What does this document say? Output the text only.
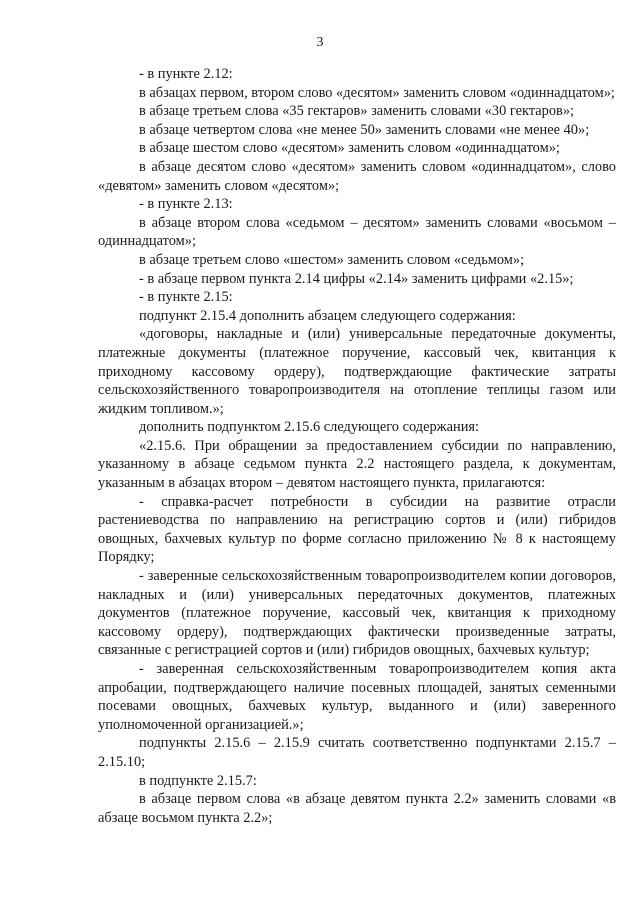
3

- в пункте 2.12:

в абзацах первом, втором слово «десятом» заменить словом «одиннадцатом»;

в абзаце третьем слова «35 гектаров» заменить словами «30 гектаров»;

в абзаце четвертом слова «не менее 50» заменить словами «не менее 40»;

в абзаце шестом слово «десятом» заменить словом «одиннадцатом»;

в абзаце десятом слово «десятом» заменить словом «одиннадцатом», слово «девятом» заменить словом «десятом»;

- в пункте 2.13:

в абзаце втором слова «седьмом – десятом» заменить словами «восьмом – одиннадцатом»;

в абзаце третьем слово «шестом» заменить словом «седьмом»;

- в абзаце первом пункта 2.14 цифры «2.14» заменить цифрами «2.15»;

- в пункте 2.15:

подпункт 2.15.4 дополнить абзацем следующего содержания:

«договоры, накладные и (или) универсальные передаточные документы, платежные документы (платежное поручение, кассовый чек, квитанция к приходному кассовому ордеру), подтверждающие фактические затраты сельскохозяйственного товаропроизводителя на отопление теплицы газом или жидким топливом.»;

дополнить подпунктом 2.15.6 следующего содержания:

«2.15.6. При обращении за предоставлением субсидии по направлению, указанному в абзаце седьмом пункта 2.2 настоящего раздела, к документам, указанным в абзацах втором – девятом настоящего пункта, прилагаются:

- справка-расчет потребности в субсидии на развитие отрасли растениеводства по направлению на регистрацию сортов и (или) гибридов овощных, бахчевых культур по форме согласно приложению № 8 к настоящему Порядку;

- заверенные сельскохозяйственным товаропроизводителем копии договоров, накладных и (или) универсальных передаточных документов, платежных документов (платежное поручение, кассовый чек, квитанция к приходному кассовому ордеру), подтверждающих фактически произведенные затраты, связанные с регистрацией сортов и (или) гибридов овощных, бахчевых культур;

- заверенная сельскохозяйственным товаропроизводителем копия акта апробации, подтверждающего наличие посевных площадей, занятых семенными посевами овощных, бахчевых культур, выданного и (или) заверенного уполномоченной организацией.»;

подпункты 2.15.6 – 2.15.9 считать соответственно подпунктами 2.15.7 – 2.15.10;

в подпункте 2.15.7:

в абзаце первом слова «в абзаце девятом пункта 2.2» заменить словами «в абзаце восьмом пункта 2.2»;
